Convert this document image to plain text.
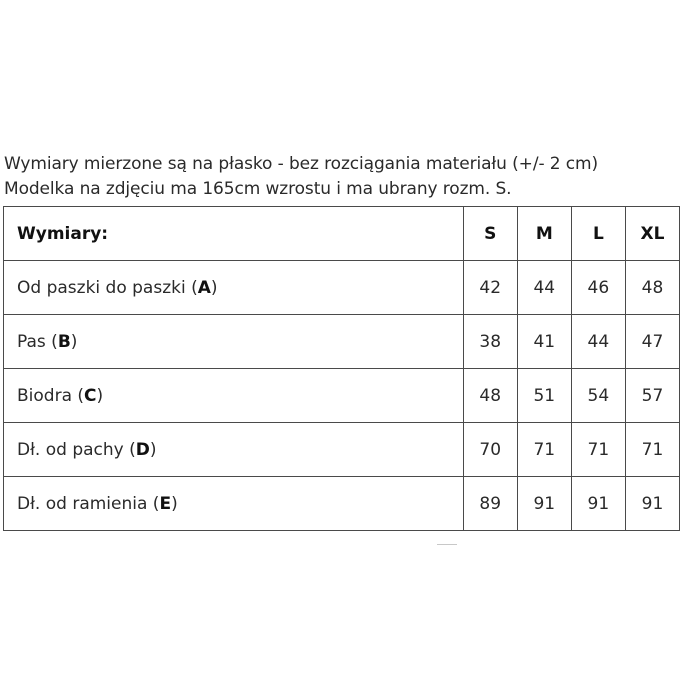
Wymiary mierzone są na płasko - bez rozciągania materiału (+/- 2 cm)
Modelka na zdjęciu ma 165cm wzrostu i ma ubrany rozm. S.
Wymiary:	S	M	L	XL
Od paszki do paszki (A)	42	44	46	48
Pas (B)	38	41	44	47
Biodra (C)	48	51	54	57
Dł. od pachy (D)	70	71	71	71
Dł. od ramienia (E)	89	91	91	91
